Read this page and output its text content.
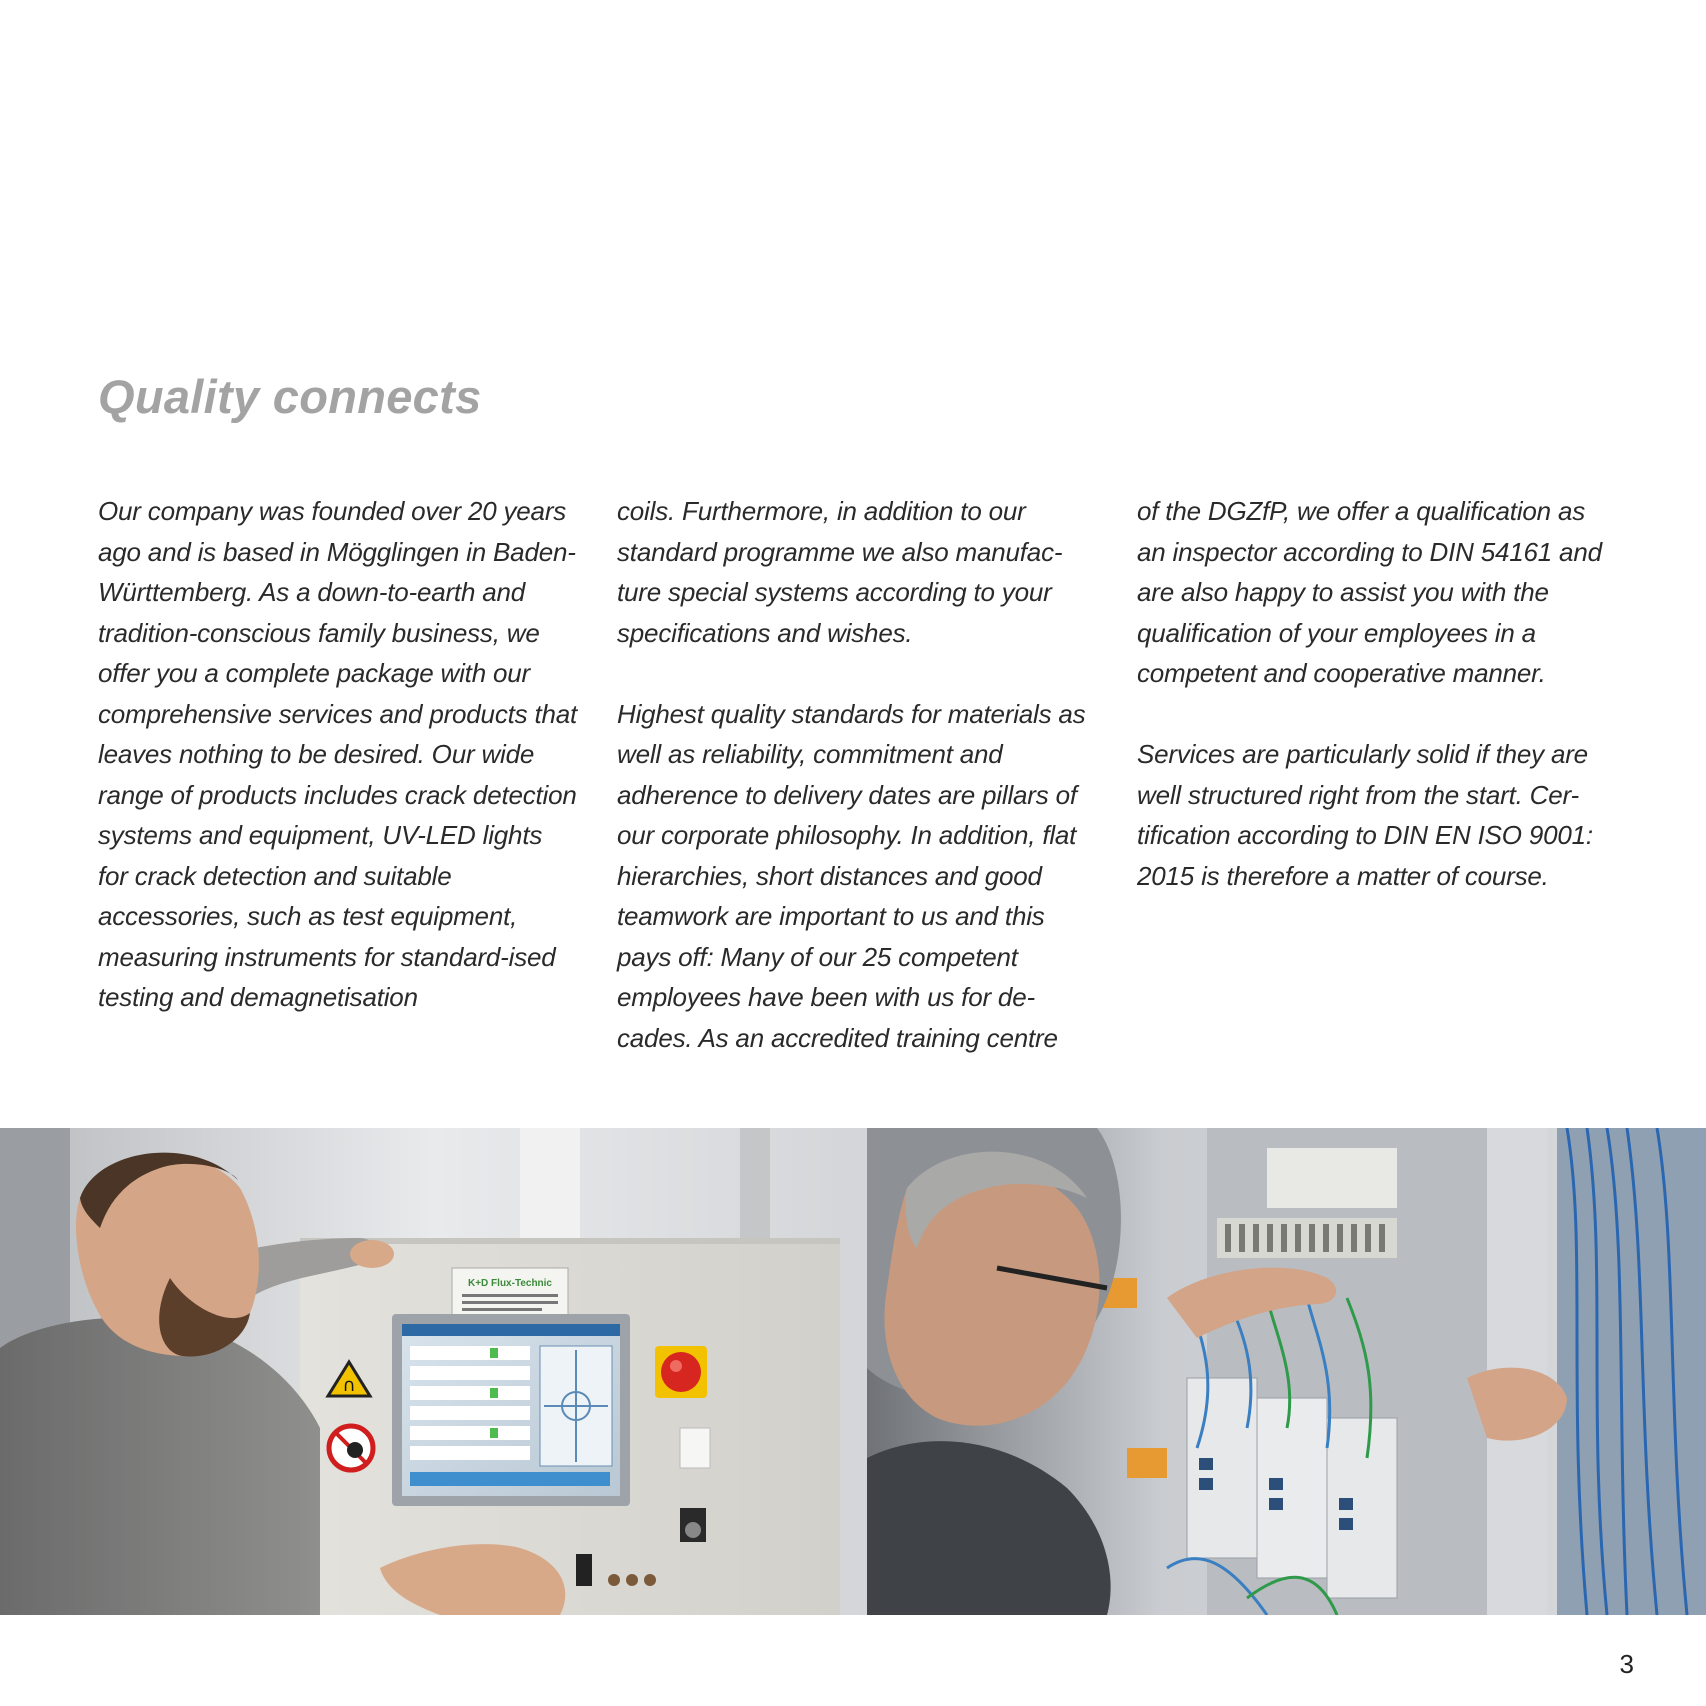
Quality connects

Our company was founded over 20 years ago and is based in Mögglingen in Baden-Württemberg. As a down-to-earth and tradition-conscious family business, we offer you a complete package with our comprehensive services and products that leaves nothing to be desired. Our wide range of products includes crack detection systems and equipment, UV-LED lights for crack detection and suitable accessories, such as test equipment, measuring instruments for standard-ised testing and demagnetisation

coils. Furthermore, in addition to our standard programme we also manufac-ture special systems according to your specifications and wishes.

Highest quality standards for materials as well as reliability, commitment and adherence to delivery dates are pillars of our corporate philosophy. In addition, flat hierarchies, short distances and good teamwork are important to us and this pays off: Many of our 25 competent employees have been with us for de-cades. As an accredited training centre

of the DGZfP, we offer a qualification as an inspector according to DIN 54161 and are also happy to assist you with the qualification of your employees in a competent and cooperative manner.

Services are particularly solid if they are well structured right from the start. Cer-tification according to DIN EN ISO 9001: 2015 is therefore a matter of course.

K+D Flux-Technic
∩
3
